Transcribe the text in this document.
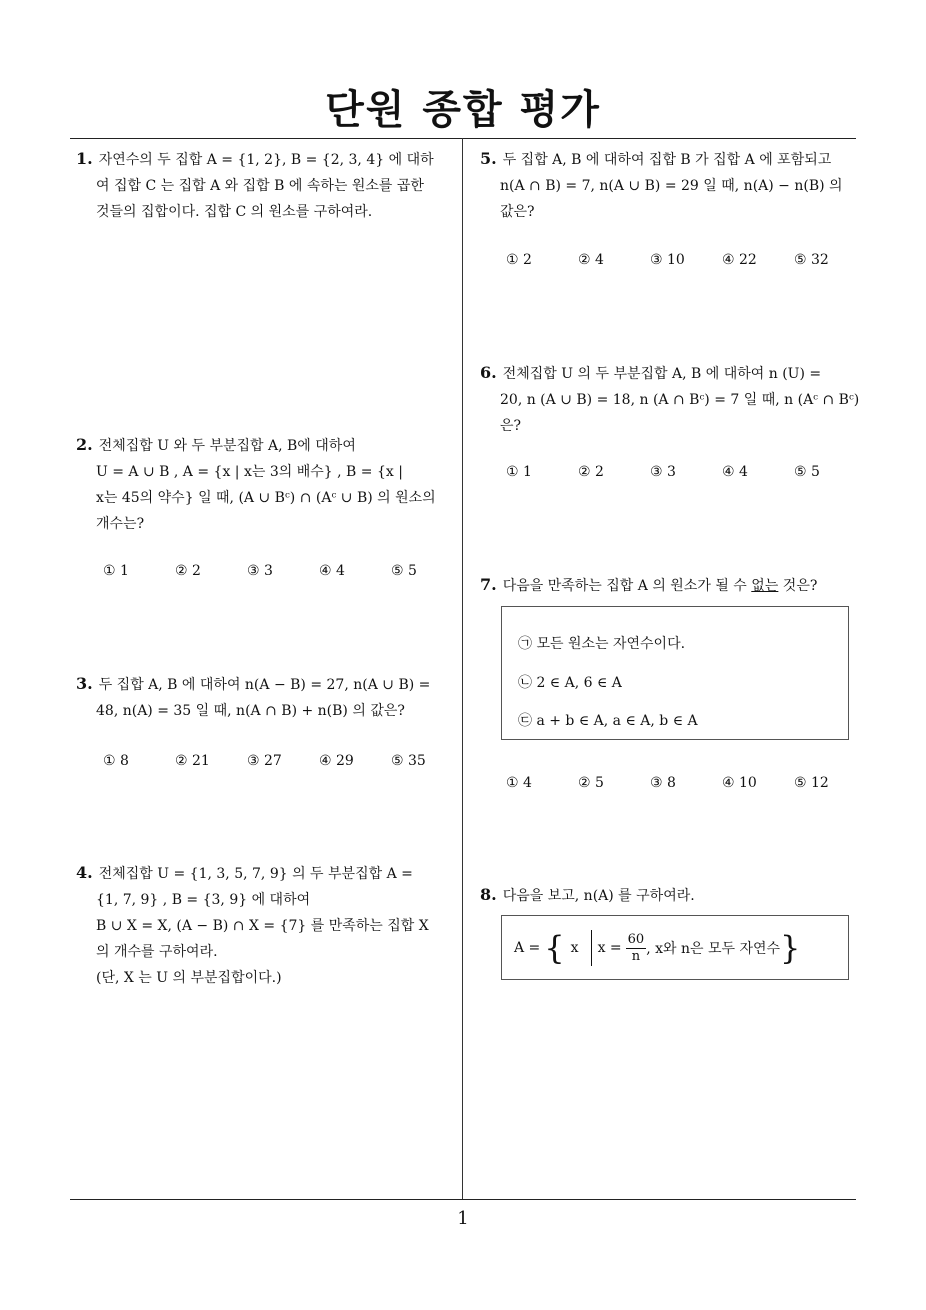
단원 종합 평가
1. 자연수의 두 집합 A = {1, 2}, B = {2, 3, 4} 에 대하
여 집합 C 는 집합 A 와 집합 B 에 속하는 원소를 곱한
것들의 집합이다. 집합 C 의 원소를 구하여라.
2. 전체집합 U 와 두 부분집합 A, B에 대하여
U = A ∪ B , A = {x | x는 3의 배수} , B = {x |
x는 45의 약수} 일 때, (A ∪ Bᶜ) ∩ (Aᶜ ∪ B) 의 원소의
개수는?
① 1	② 2	③ 3	④ 4	⑤ 5
3. 두 집합 A, B 에 대하여 n(A − B) = 27, n(A ∪ B) =
48, n(A) = 35 일 때, n(A ∩ B) + n(B) 의 값은?
① 8	② 21	③ 27	④ 29	⑤ 35
4. 전체집합 U = {1, 3, 5, 7, 9} 의 두 부분집합 A =
{1, 7, 9} , B = {3, 9} 에 대하여
B ∪ X = X, (A − B) ∩ X = {7} 를 만족하는 집합 X
의 개수를 구하여라.
(단, X 는 U 의 부분집합이다.)
5. 두 집합 A, B 에 대하여 집합 B 가 집합 A 에 포함되고
n(A ∩ B) = 7, n(A ∪ B) = 29 일 때, n(A) − n(B) 의
값은?
① 2	② 4	③ 10	④ 22	⑤ 32
6. 전체집합 U 의 두 부분집합 A, B 에 대하여 n (U) =
20, n (A ∪ B) = 18, n (A ∩ Bᶜ) = 7 일 때, n (Aᶜ ∩ Bᶜ)
은?
① 1	② 2	③ 3	④ 4	⑤ 5
7. 다음을 만족하는 집합 A 의 원소가 될 수 없는 것은?
㉠ 모든 원소는 자연수이다.
㉡ 2 ∈ A, 6 ∈ A
㉢ a + b ∈ A, a ∈ A, b ∈ A
① 4	② 5	③ 8	④ 10	⑤ 12
8. 다음을 보고, n(A) 를 구하여라.
A = { x $x = \frac{60}{n}$ , x와 n은 모두 자연수 }
1
